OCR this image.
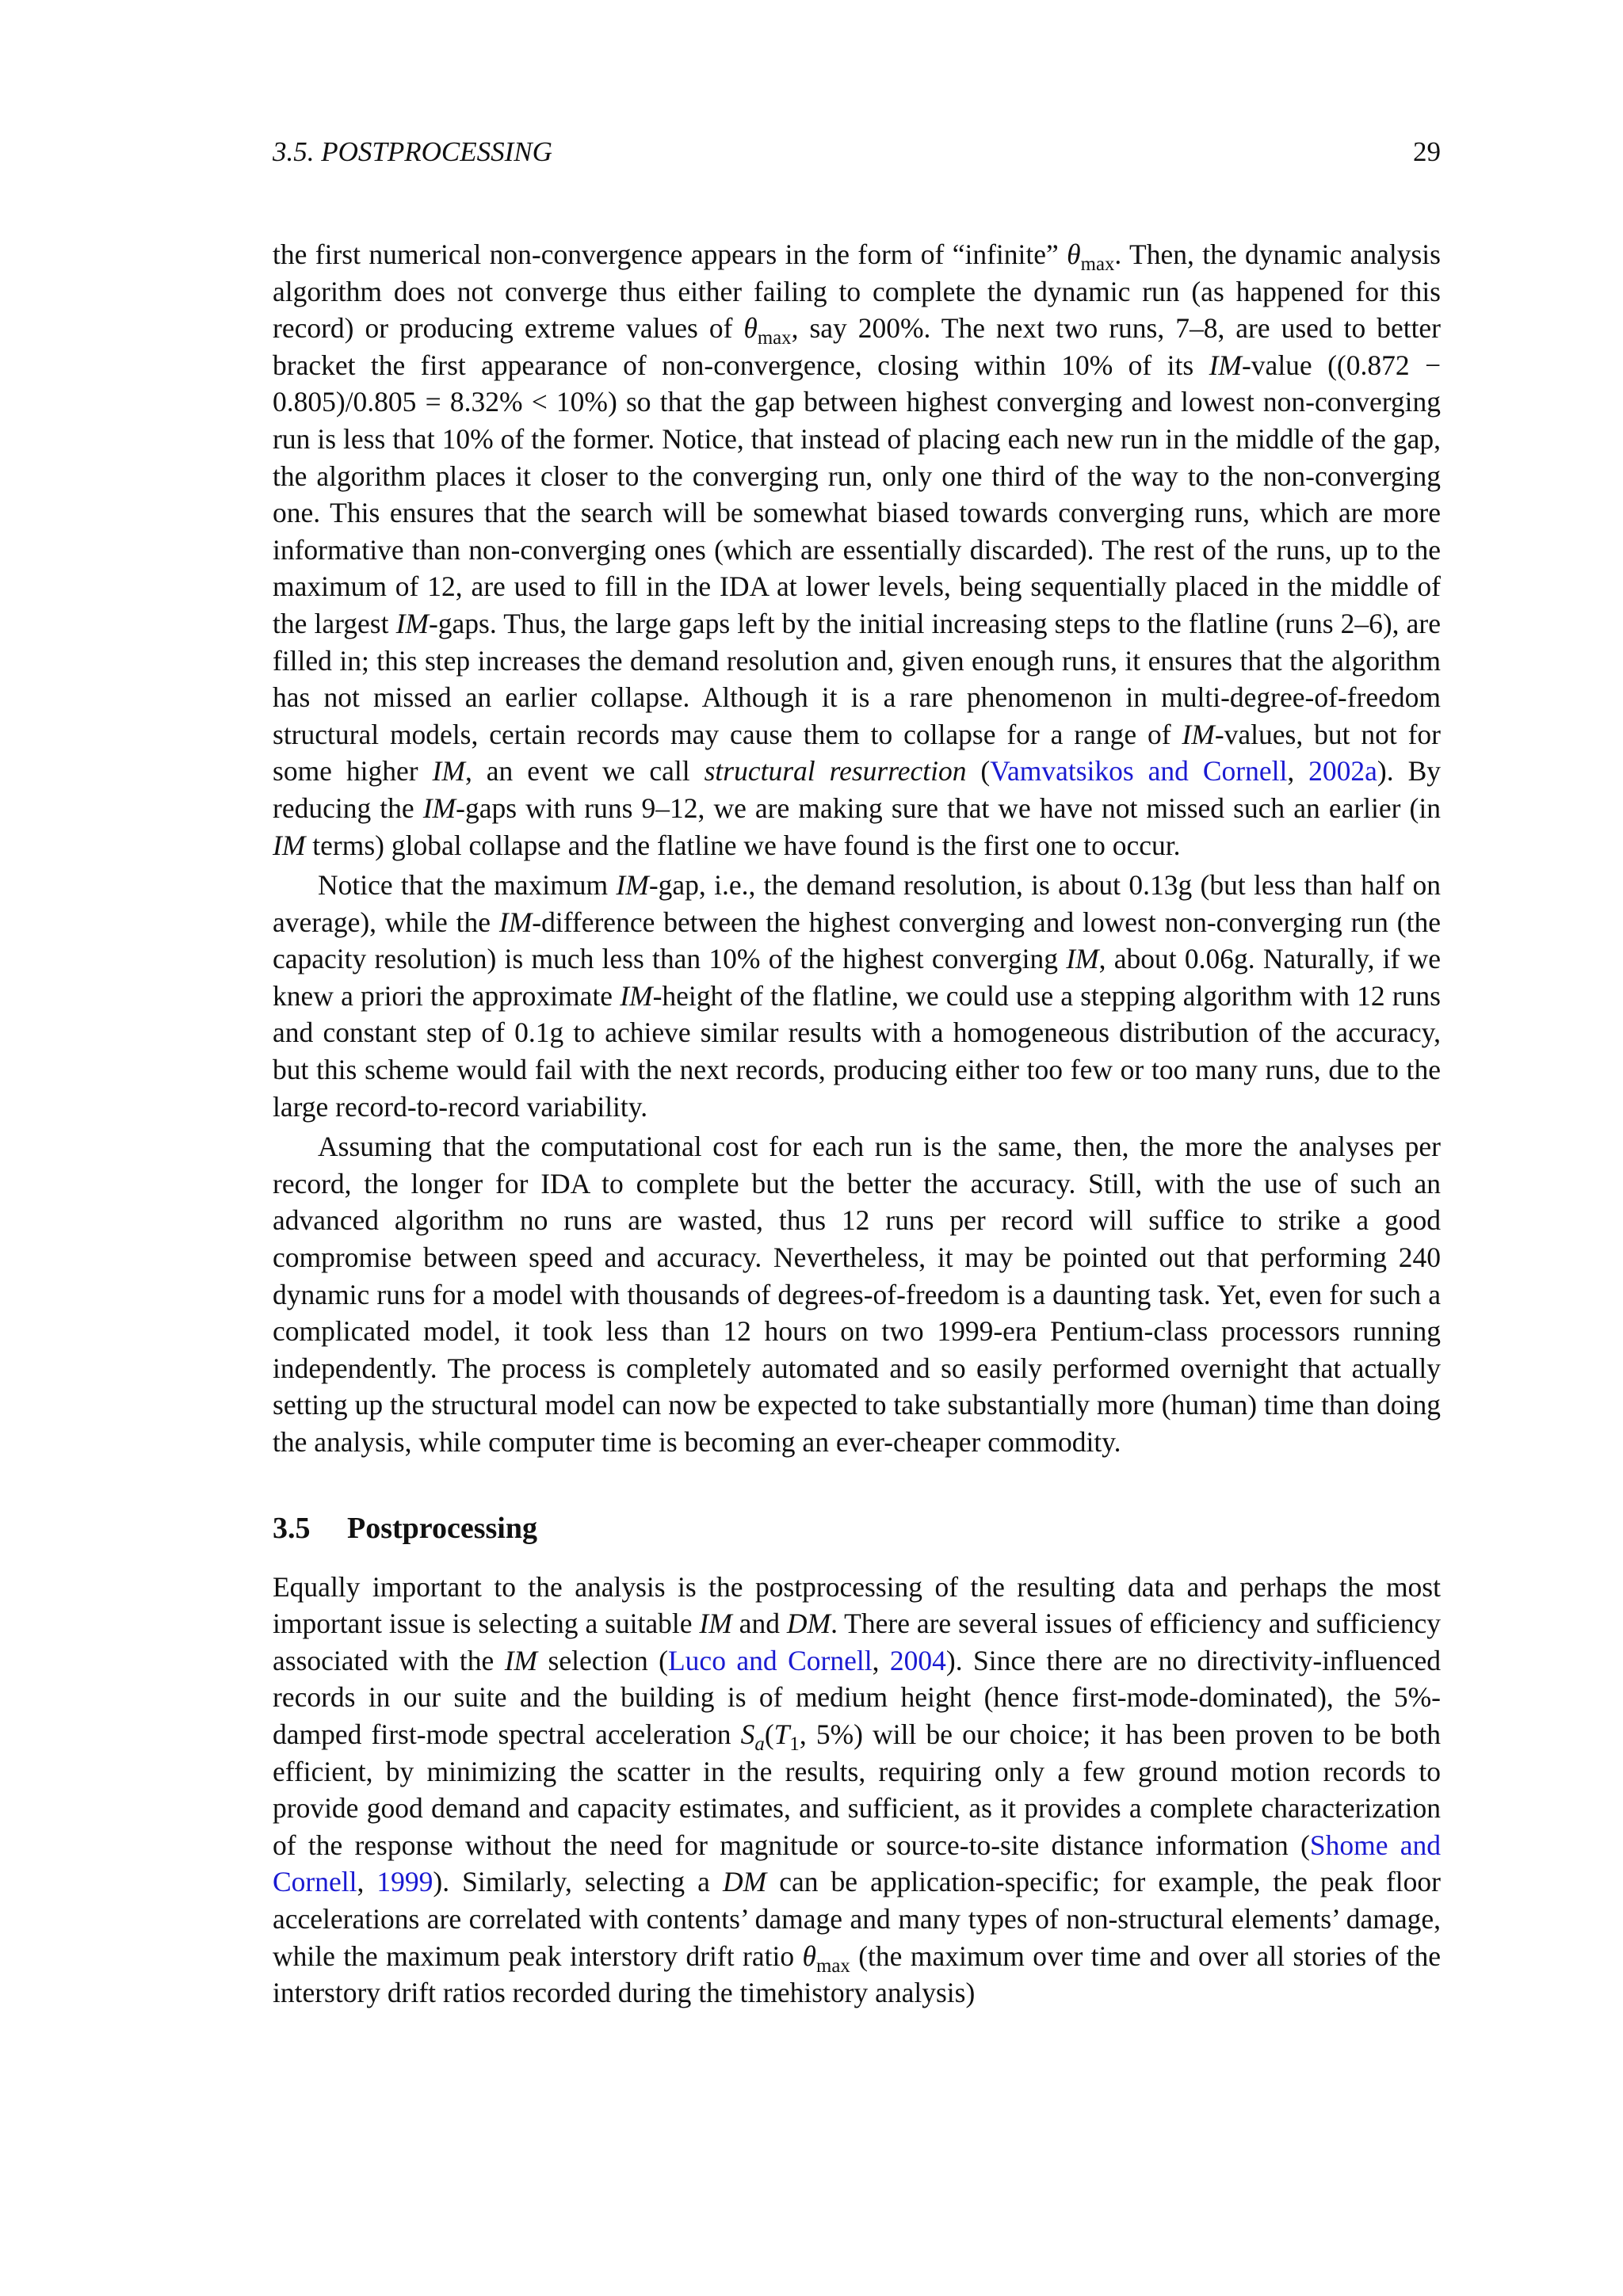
3.5. POSTPROCESSING	29

the first numerical non-convergence appears in the form of “infinite” $\theta_{max}$. Then, the dynamic analysis algorithm does not converge thus either failing to complete the dynamic run (as happened for this record) or producing extreme values of $\theta_{max}$, say 200%. The next two runs, 7–8, are used to better bracket the first appearance of non-convergence, closing within 10% of its IM-value ((0.872 − 0.805)/0.805 = 8.32% < 10%) so that the gap between highest converging and lowest non-converging run is less that 10% of the former. Notice, that instead of placing each new run in the middle of the gap, the algorithm places it closer to the converging run, only one third of the way to the non-converging one. This ensures that the search will be somewhat biased towards converging runs, which are more informative than non-converging ones (which are essentially discarded). The rest of the runs, up to the maximum of 12, are used to fill in the IDA at lower levels, being sequentially placed in the middle of the largest IM-gaps. Thus, the large gaps left by the initial increasing steps to the flatline (runs 2–6), are filled in; this step increases the demand resolution and, given enough runs, it ensures that the algorithm has not missed an earlier collapse. Although it is a rare phenomenon in multi-degree-of-freedom structural models, certain records may cause them to collapse for a range of IM-values, but not for some higher IM, an event we call structural resurrection (Vamvatsikos and Cornell, 2002a). By reducing the IM-gaps with runs 9–12, we are making sure that we have not missed such an earlier (in IM terms) global collapse and the flatline we have found is the first one to occur.

Notice that the maximum IM-gap, i.e., the demand resolution, is about 0.13g (but less than half on average), while the IM-difference between the highest converging and lowest non-converging run (the capacity resolution) is much less than 10% of the highest converging IM, about 0.06g. Naturally, if we knew a priori the approximate IM-height of the flatline, we could use a stepping algorithm with 12 runs and constant step of 0.1g to achieve similar results with a homogeneous distribution of the accuracy, but this scheme would fail with the next records, producing either too few or too many runs, due to the large record-to-record variability.

Assuming that the computational cost for each run is the same, then, the more the analyses per record, the longer for IDA to complete but the better the accuracy. Still, with the use of such an advanced algorithm no runs are wasted, thus 12 runs per record will suffice to strike a good compromise between speed and accuracy. Nevertheless, it may be pointed out that performing 240 dynamic runs for a model with thousands of degrees-of-freedom is a daunting task. Yet, even for such a complicated model, it took less than 12 hours on two 1999-era Pentium-class processors running independently. The process is completely automated and so easily performed overnight that actually setting up the structural model can now be expected to take substantially more (human) time than doing the analysis, while computer time is becoming an ever-cheaper commodity.

3.5	Postprocessing

Equally important to the analysis is the postprocessing of the resulting data and perhaps the most important issue is selecting a suitable IM and DM. There are several issues of efficiency and sufficiency associated with the IM selection (Luco and Cornell, 2004). Since there are no directivity-influenced records in our suite and the building is of medium height (hence first-mode-dominated), the 5%-damped first-mode spectral acceleration $S_a(T_1$, 5%) will be our choice; it has been proven to be both efficient, by minimizing the scatter in the results, requiring only a few ground motion records to provide good demand and capacity estimates, and sufficient, as it provides a complete characterization of the response without the need for magnitude or source-to-site distance information (Shome and Cornell, 1999). Similarly, selecting a DM can be application-specific; for example, the peak floor accelerations are correlated with contents’ damage and many types of non-structural elements’ damage, while the maximum peak interstory drift ratio $\theta_{max}$ (the maximum over time and over all stories of the interstory drift ratios recorded during the timehistory analysis)
